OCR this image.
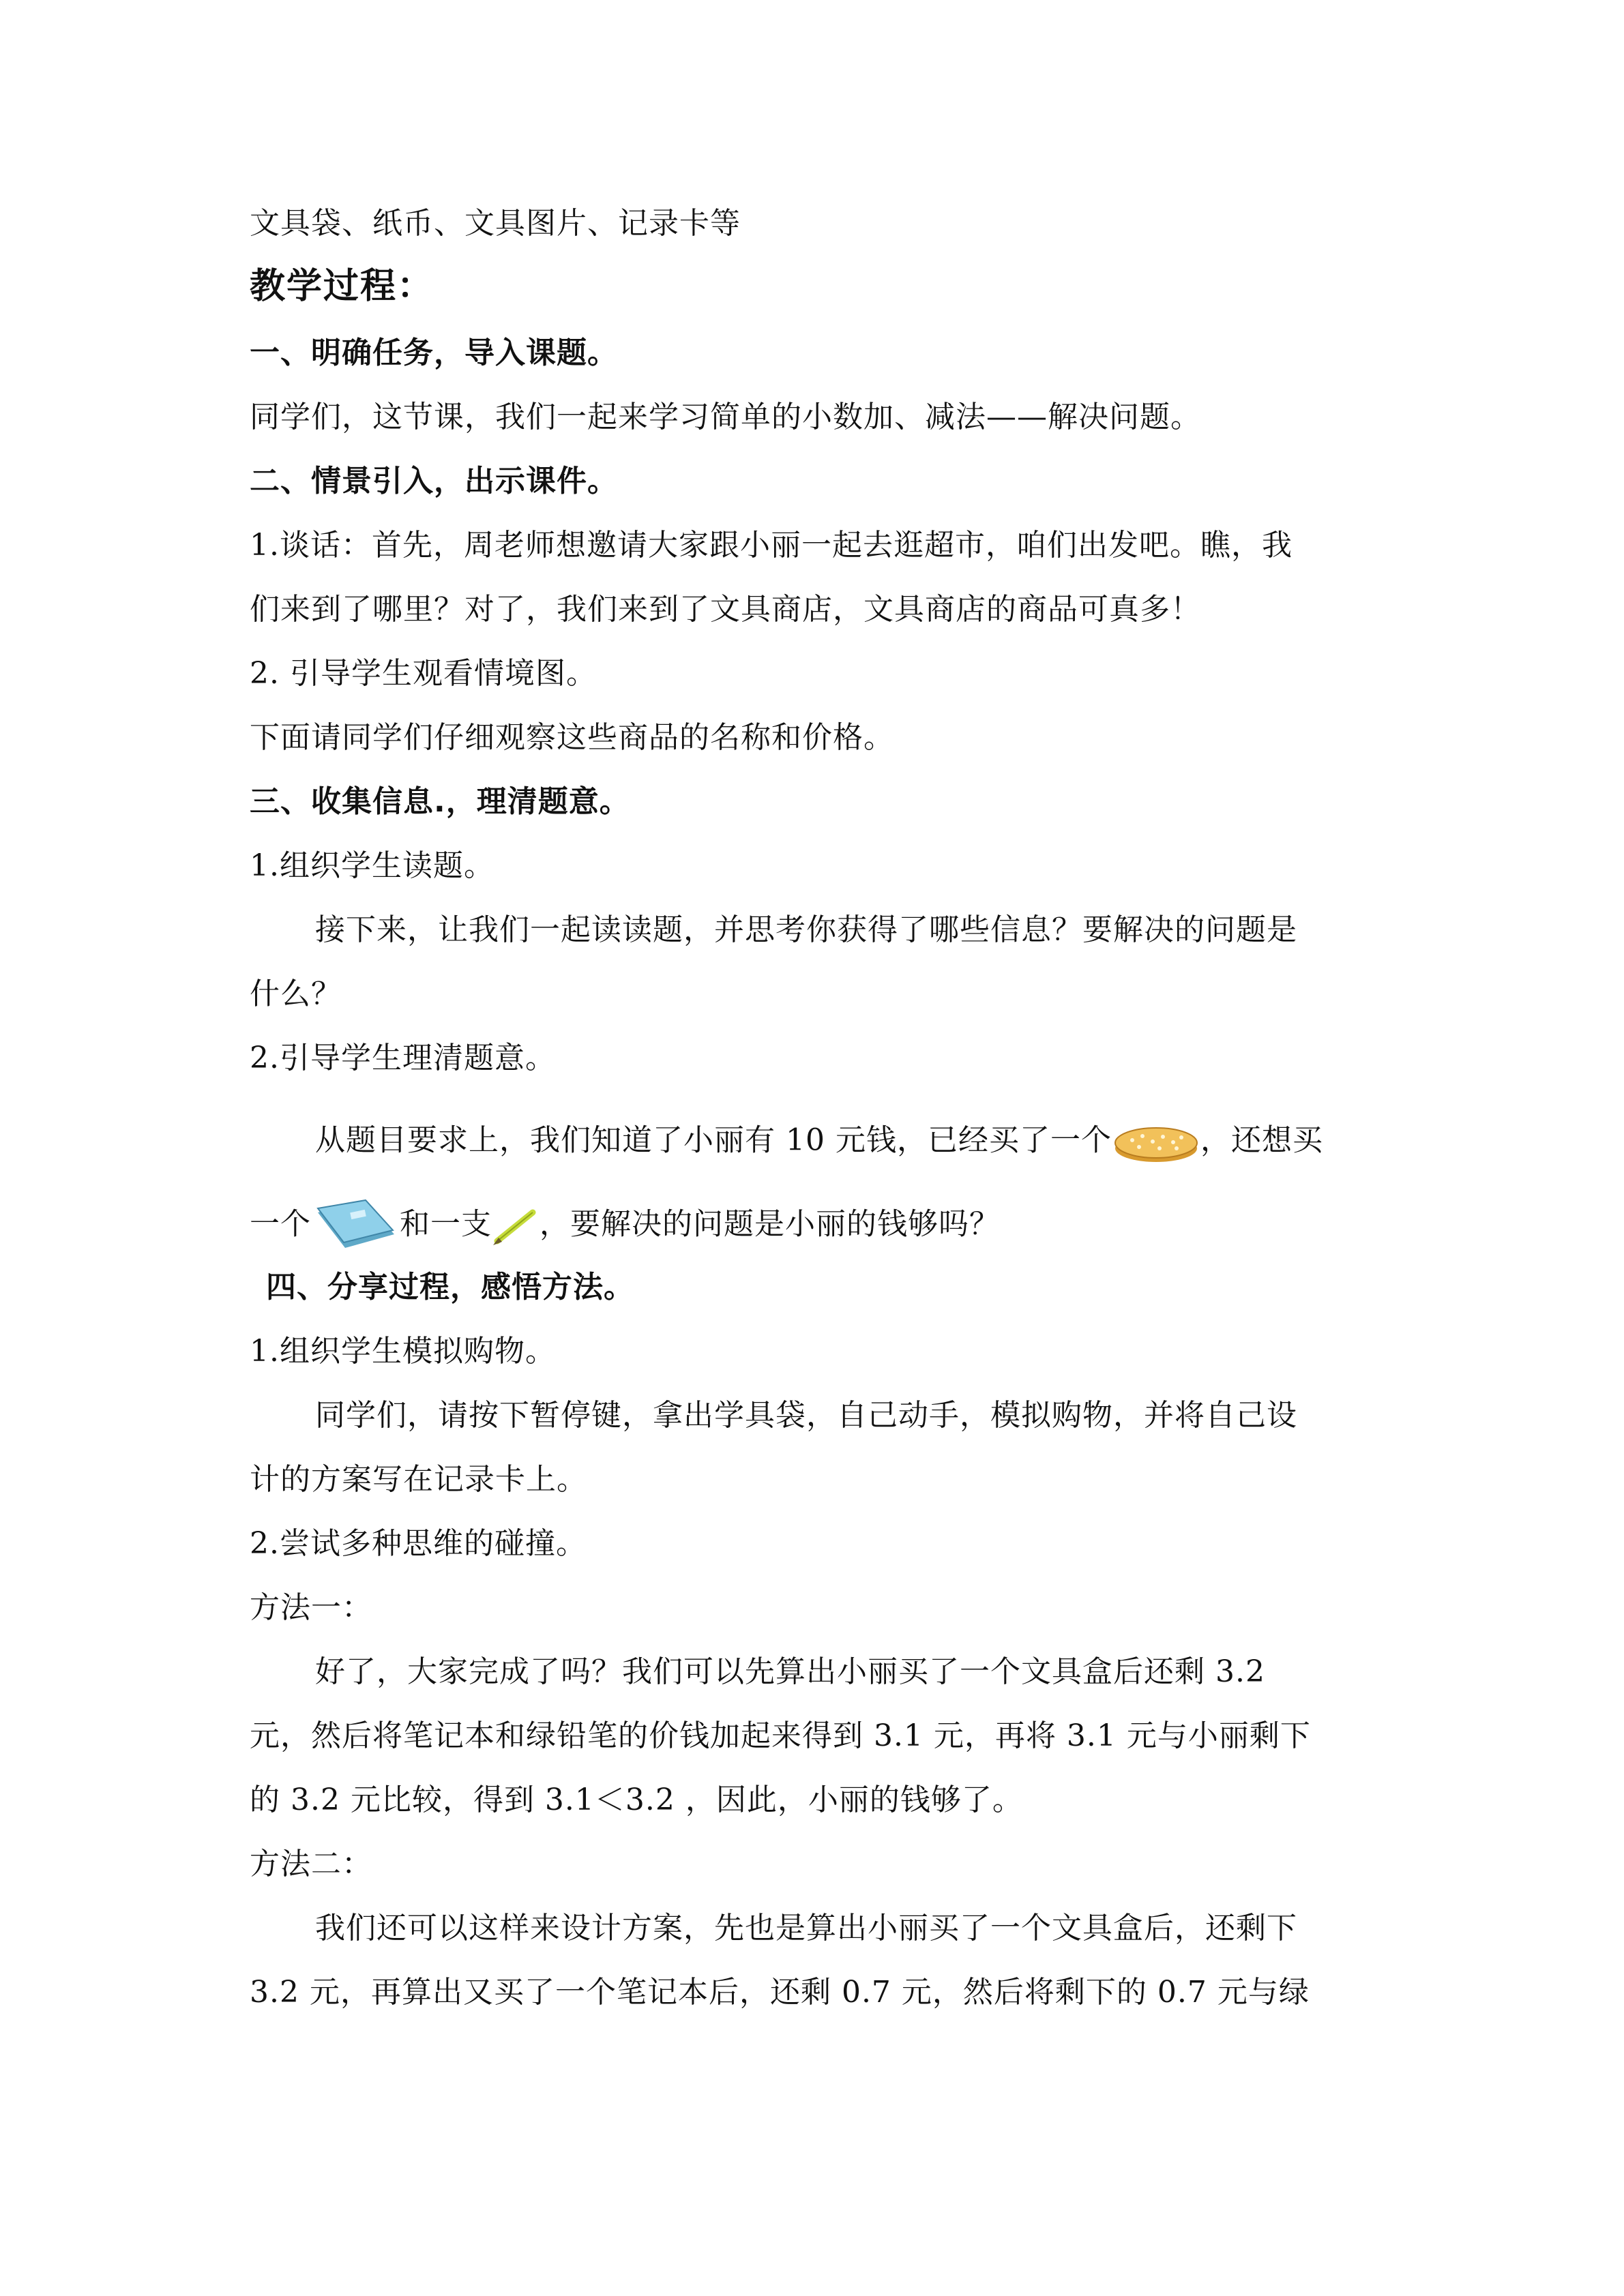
文具袋、纸币、文具图片、记录卡等
教学过程：
一、明确任务，导入课题。
同学们，这节课，我们一起来学习简单的小数加、减法——解决问题。
二、情景引入，出示课件。
1.谈话：首先，周老师想邀请大家跟小丽一起去逛超市，咱们出发吧。瞧，我
们来到了哪里？对了，我们来到了文具商店，文具商店的商品可真多！
2. 引导学生观看情境图。
下面请同学们仔细观察这些商品的名称和价格。
三、收集信息.，理清题意。
1.组织学生读题。
接下来，让我们一起读读题，并思考你获得了哪些信息？要解决的问题是
什么？
2.引导学生理清题意。
从题目要求上，我们知道了小丽有 10 元钱，已经买了一个	，还想买
一个	和一支 ，要解决的问题是小丽的钱够吗？
四、分享过程，感悟方法。
1.组织学生模拟购物。
同学们，请按下暂停键，拿出学具袋，自己动手，模拟购物，并将自己设
计的方案写在记录卡上。
2.尝试多种思维的碰撞。
方法一：
好了，大家完成了吗？我们可以先算出小丽买了一个文具盒后还剩 3.2
元，然后将笔记本和绿铅笔的价钱加起来得到 3.1 元，再将 3.1 元与小丽剩下
的 3.2 元比较，得到 3.1＜3.2 ，因此，小丽的钱够了。
方法二：
我们还可以这样来设计方案，先也是算出小丽买了一个文具盒后，还剩下
3.2 元，再算出又买了一个笔记本后，还剩 0.7 元，然后将剩下的 0.7 元与绿
